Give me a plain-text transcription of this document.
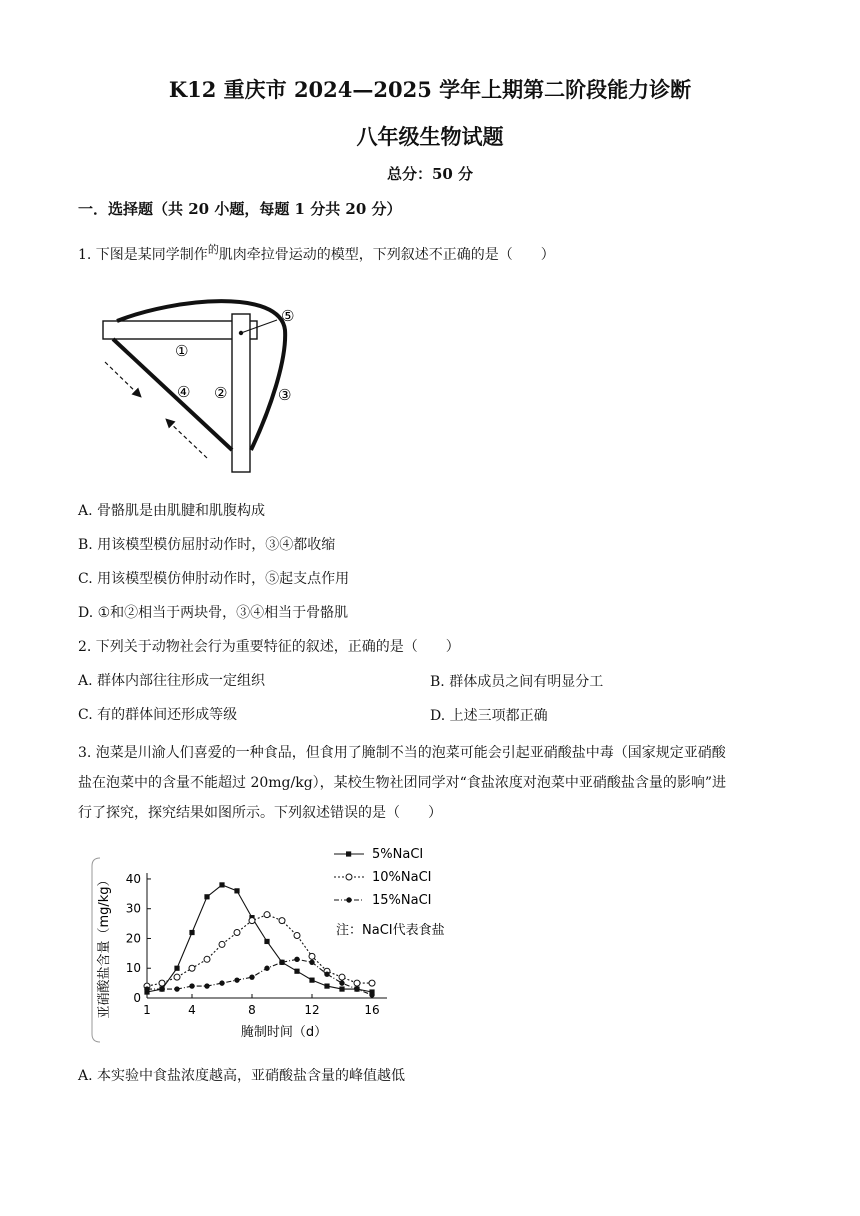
K12 重庆市 2024—2025 学年上期第二阶段能力诊断
八年级生物试题
总分：50 分
一．选择题（共 20 小题，每题 1 分共 20 分）
1. 下图是某同学制作$^的$肌肉牵拉骨运动的模型，下列叙述不正确的是（　　）
①
②	③
④
⑤
A. 骨骼肌是由肌腱和肌腹构成
B. 用该模型模仿屈肘动作时，③④都收缩
C. 用该模型模仿伸肘动作时，⑤起支点作用
D. ①和②相当于两块骨，③④相当于骨骼肌
2. 下列关于动物社会行为重要特征的叙述，正确的是（　　）
A. 群体内部往往形成一定组织	B. 群体成员之间有明显分工
C. 有的群体间还形成等级	D. 上述三项都正确
3. 泡菜是川渝人们喜爱的一种食品，但食用了腌制不当的泡菜可能会引起亚硝酸盐中毒（国家规定亚硝酸
盐在泡菜中的含量不能超过 20mg/kg），某校生物社团同学对“食盐浓度对泡菜中亚硝酸盐含量的影响”进
行了探究，探究结果如图所示。下列叙述错误的是（　　）
亚硝酸盐含量（mg/kg）
腌制时间（d）
0
10
20
30
40
1	4	8	12	16
5%NaCI
10%NaCI
15%NaCI
注：NaCI代表食盐
A. 本实验中食盐浓度越高，亚硝酸盐含量的峰值越低
